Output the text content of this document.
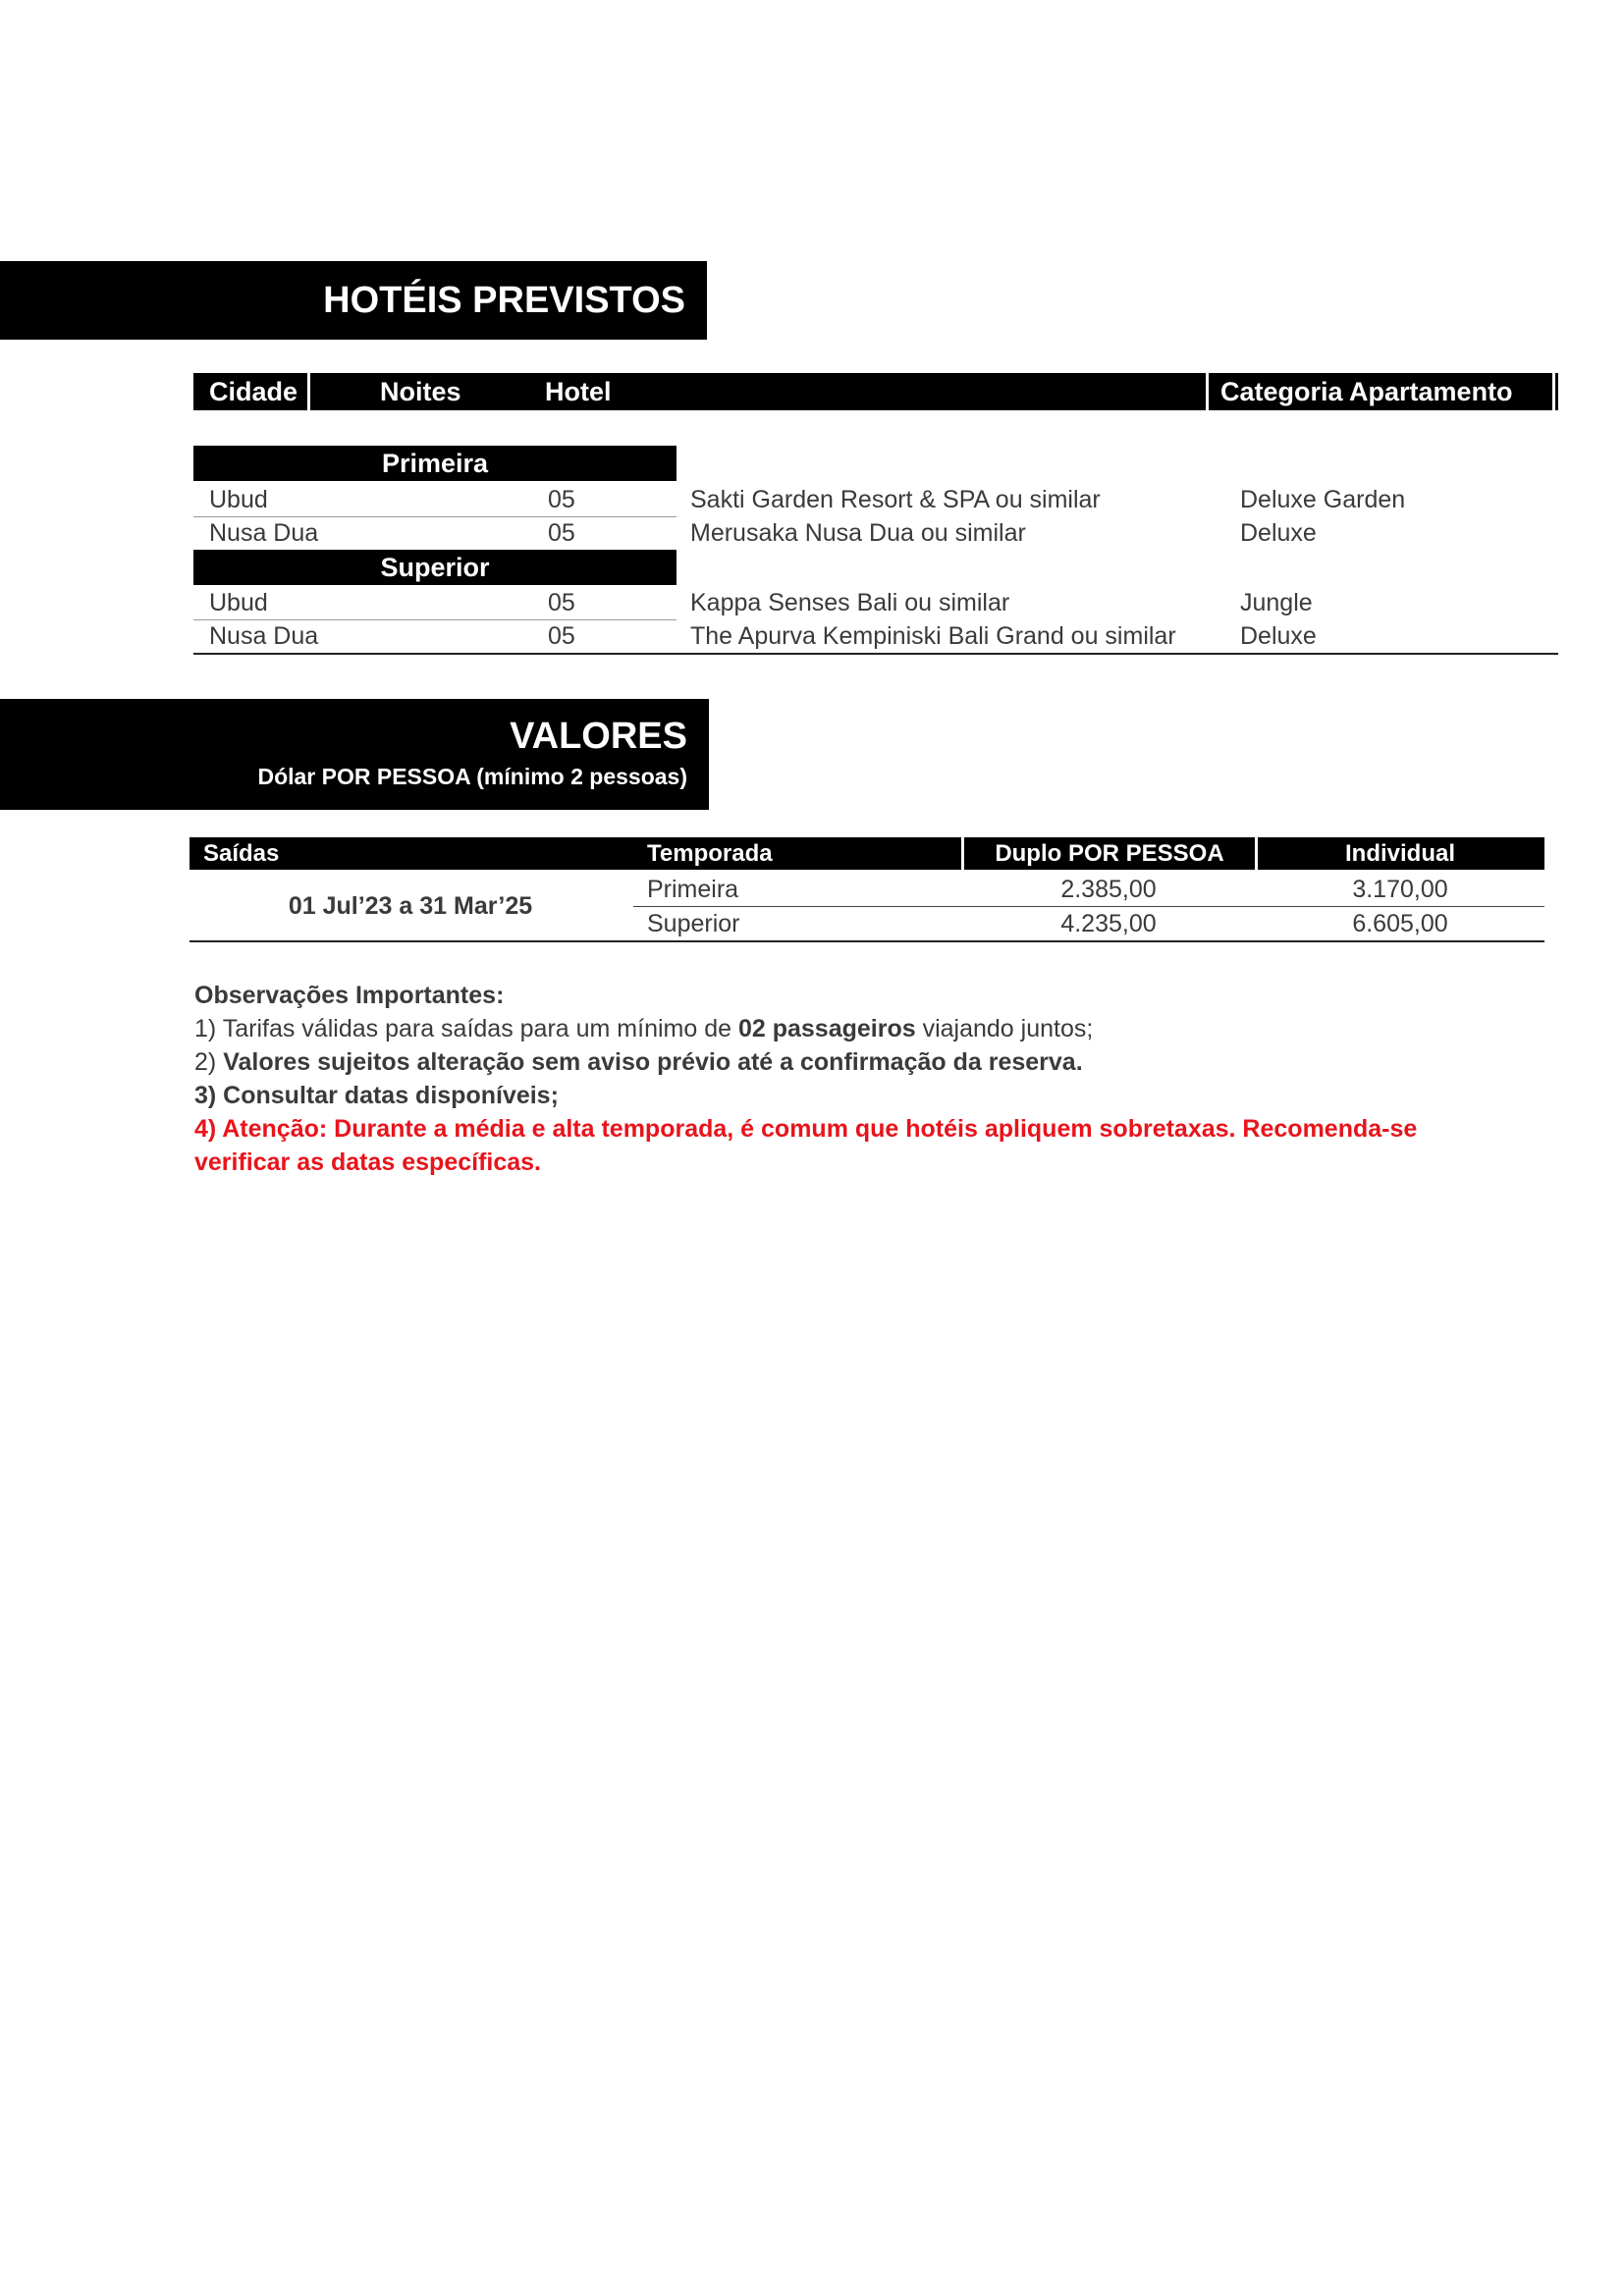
HOTÉIS PREVISTOS
Cidade	Noites	Hotel	Categoria Apartamento
Primeira
Ubud	05	Sakti Garden Resort & SPA ou similar	Deluxe Garden
Nusa Dua	05	Merusaka Nusa Dua ou similar	Deluxe
Superior
Ubud	05	Kappa Senses Bali ou similar	Jungle
Nusa Dua	05	The Apurva Kempiniski Bali Grand ou similar	Deluxe
VALORES
Dólar POR PESSOA (mínimo 2 pessoas)
Saídas	Temporada	Duplo POR PESSOA	Individual
01 Jul’23 a 31 Mar’25
Primeira	2.385,00	3.170,00
Superior	4.235,00	6.605,00

Observações Importantes:

1) Tarifas válidas para saídas para um mínimo de 02 passageiros viajando juntos;

2) Valores sujeitos alteração sem aviso prévio até a confirmação da reserva.

3) Consultar datas disponíveis;

4) Atenção: Durante a média e alta temporada, é comum que hotéis apliquem sobretaxas. Recomenda-se

verificar as datas específicas.
